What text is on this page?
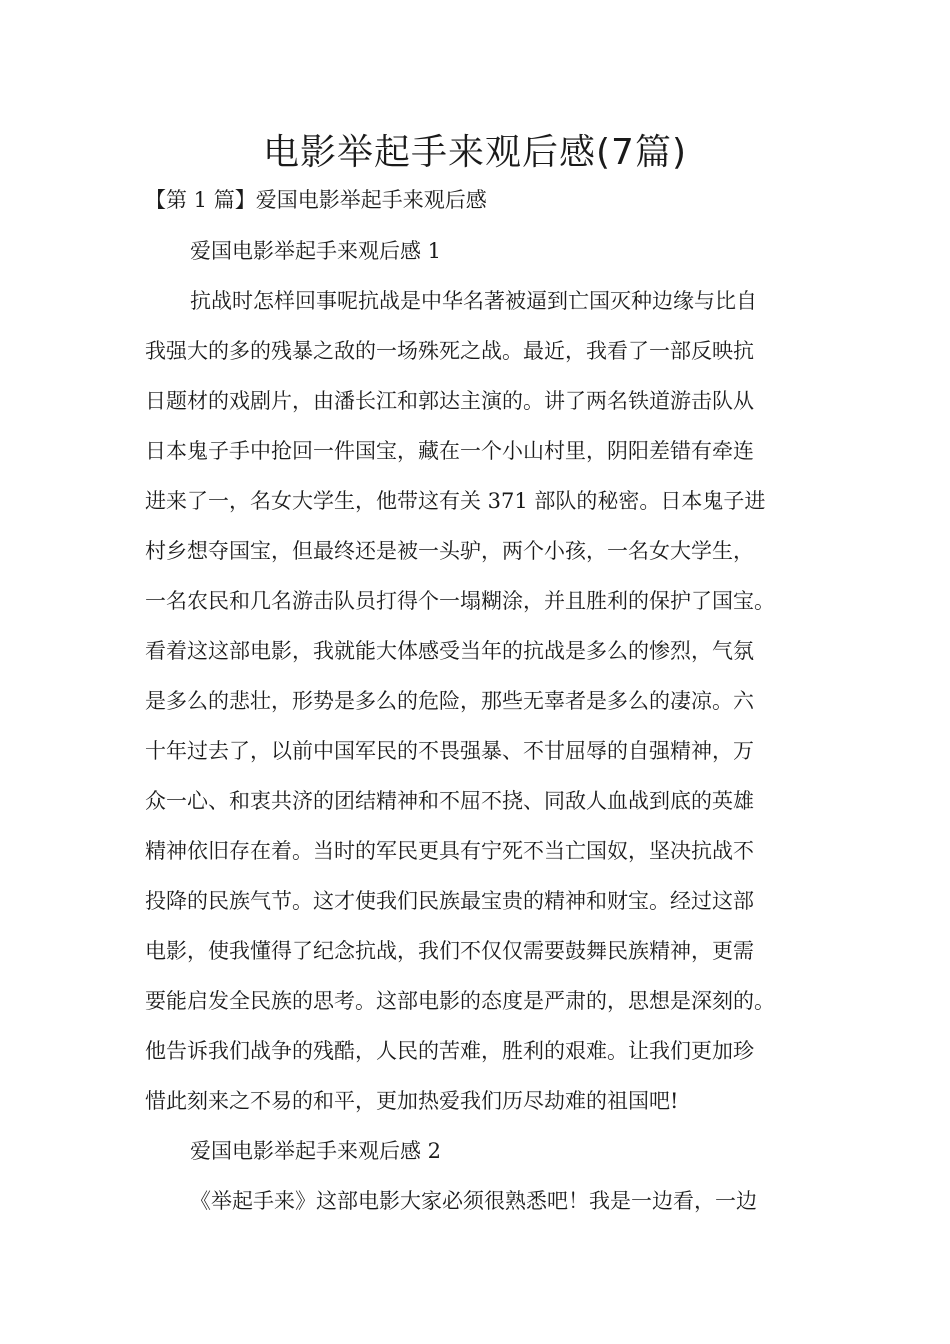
电影举起手来观后感(7篇)

【第 1 篇】爱国电影举起手来观后感

爱国电影举起手来观后感 1

抗战时怎样回事呢抗战是中华名著被逼到亡国灭种边缘与比自

我强大的多的残暴之敌的一场殊死之战。最近，我看了一部反映抗

日题材的戏剧片，由潘长江和郭达主演的。讲了两名铁道游击队从

日本鬼子手中抢回一件国宝，藏在一个小山村里，阴阳差错有牵连

进来了一，名女大学生，他带这有关 371 部队的秘密。日本鬼子进

村乡想夺国宝，但最终还是被一头驴，两个小孩，一名女大学生，

一名农民和几名游击队员打得个一塌糊涂，并且胜利的保护了国宝。

看着这这部电影，我就能大体感受当年的抗战是多么的惨烈，气氛

是多么的悲壮，形势是多么的危险，那些无辜者是多么的凄凉。六

十年过去了，以前中国军民的不畏强暴、不甘屈辱的自强精神，万

众一心、和衷共济的团结精神和不屈不挠、同敌人血战到底的英雄

精神依旧存在着。当时的军民更具有宁死不当亡国奴，坚决抗战不

投降的民族气节。这才使我们民族最宝贵的精神和财宝。经过这部

电影，使我懂得了纪念抗战，我们不仅仅需要鼓舞民族精神，更需

要能启发全民族的思考。这部电影的态度是严肃的，思想是深刻的。

他告诉我们战争的残酷，人民的苦难，胜利的艰难。让我们更加珍

惜此刻来之不易的和平，更加热爱我们历尽劫难的祖国吧!

爱国电影举起手来观后感 2

《举起手来》这部电影大家必须很熟悉吧！我是一边看，一边
